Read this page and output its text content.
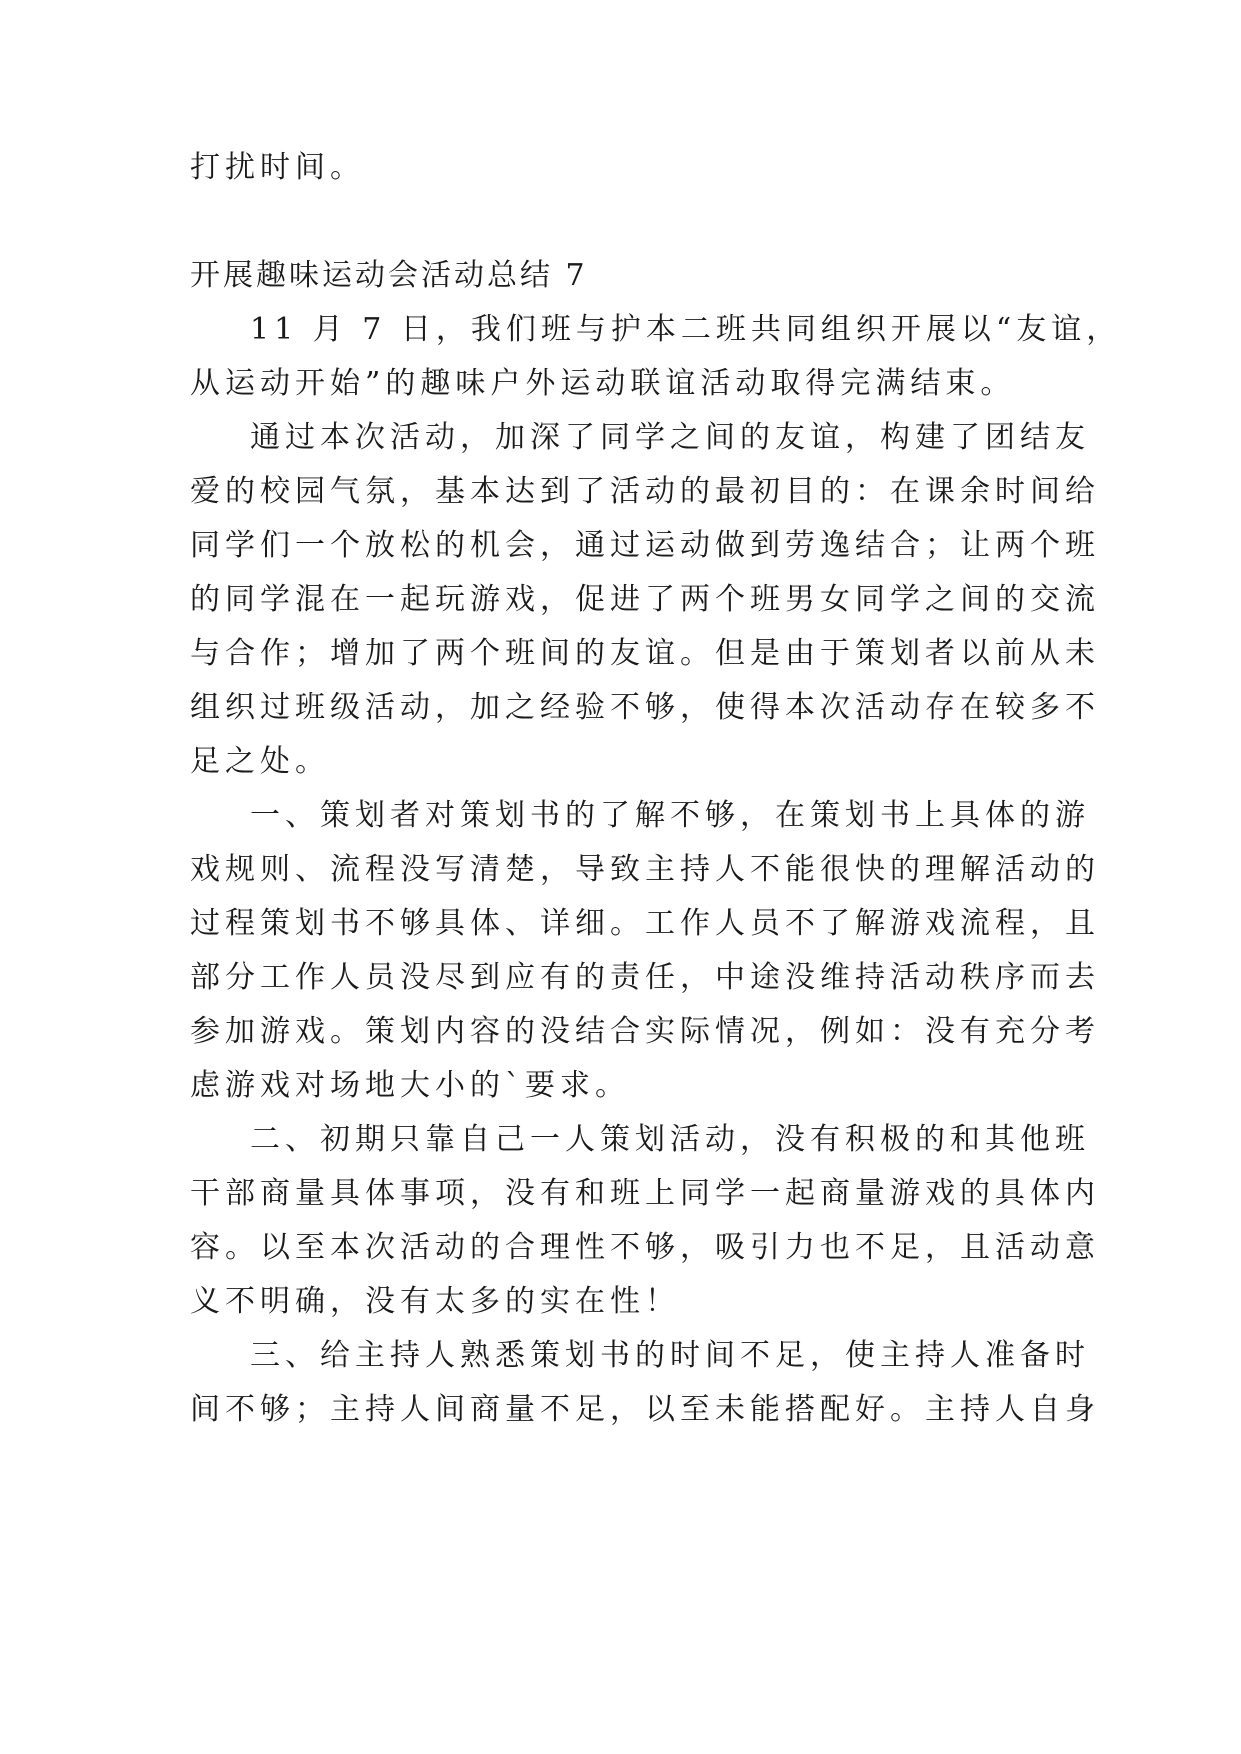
打扰时间。
开展趣味运动会活动总结 7
11 月 7 日，我们班与护本二班共同组织开展以“友谊，
从运动开始”的趣味户外运动联谊活动取得完满结束。
通过本次活动，加深了同学之间的友谊，构建了团结友
爱的校园气氛，基本达到了活动的最初目的：在课余时间给
同学们一个放松的机会，通过运动做到劳逸结合；让两个班
的同学混在一起玩游戏，促进了两个班男女同学之间的交流
与合作；增加了两个班间的友谊。但是由于策划者以前从未
组织过班级活动，加之经验不够，使得本次活动存在较多不
足之处。
一、策划者对策划书的了解不够，在策划书上具体的游
戏规则、流程没写清楚，导致主持人不能很快的理解活动的
过程策划书不够具体、详细。工作人员不了解游戏流程，且
部分工作人员没尽到应有的责任，中途没维持活动秩序而去
参加游戏。策划内容的没结合实际情况，例如：没有充分考
虑游戏对场地大小的`要求。
二、初期只靠自己一人策划活动，没有积极的和其他班
干部商量具体事项，没有和班上同学一起商量游戏的具体内
容。以至本次活动的合理性不够，吸引力也不足，且活动意
义不明确，没有太多的实在性！
三、给主持人熟悉策划书的时间不足，使主持人准备时
间不够；主持人间商量不足，以至未能搭配好。主持人自身
